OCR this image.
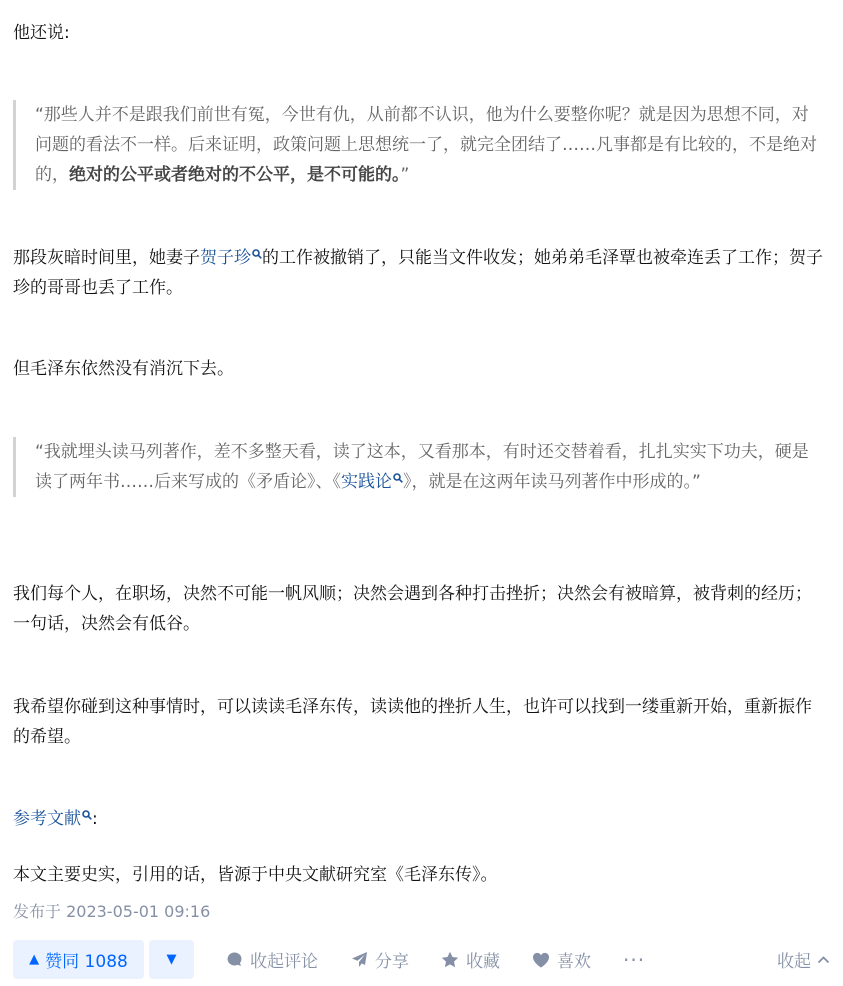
他还说:

“那些人并不是跟我们前世有冤，今世有仇，从前都不认识，他为什么要整你呢？就是因为思想不同，对问题的看法不一样。后来证明，政策问题上思想统一了，就完全团结了……凡事都是有比较的，不是绝对的，绝对的公平或者绝对的不公平，是不可能的。”

那段灰暗时间里，她妻子贺子珍 的工作被撤销了，只能当文件收发；她弟弟毛泽覃也被牵连丢了工作；贺子珍的哥哥也丢了工作。

但毛泽东依然没有消沉下去。

“我就埋头读马列著作，差不多整天看，读了这本，又看那本，有时还交替着看，扎扎实实下功夫，硬是读了两年书……后来写成的《矛盾论》、《实践论 》，就是在这两年读马列著作中形成的。”

我们每个人，在职场，决然不可能一帆风顺；决然会遇到各种打击挫折；决然会有被暗算，被背刺的经历；一句话，决然会有低谷。

我希望你碰到这种事情时，可以读读毛泽东传，读读他的挫折人生，也许可以找到一缕重新开始，重新振作的希望。

参考文献 :

本文主要史实，引用的话，皆源于中央文献研究室《毛泽东传》。

发布于 2023-05-01 09:16
▲ 赞同 1088	▼	收起评论	分享	收藏	喜欢 ···	收起
